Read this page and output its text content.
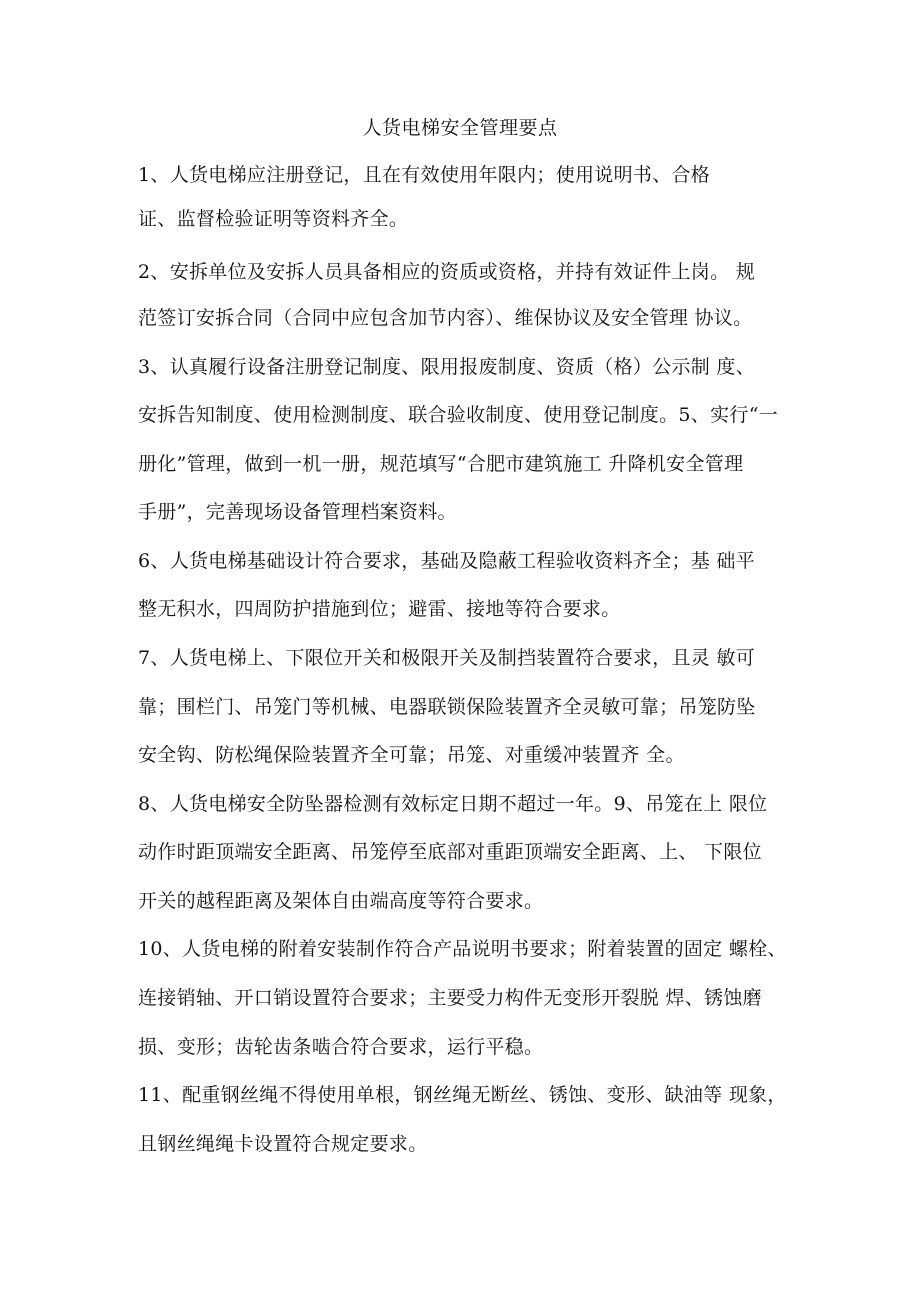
人货电梯安全管理要点
1、人货电梯应注册登记，且在有效使用年限内；使用说明书、合格
证、监督检验证明等资料齐全。
2、安拆单位及安拆人员具备相应的资质或资格，并持有效证件上岗。 规
范签订安拆合同（合同中应包含加节内容）、维保协议及安全管理 协议。
3、认真履行设备注册登记制度、限用报废制度、资质（格）公示制 度、
安拆告知制度、使用检测制度、联合验收制度、使用登记制度。5、实行“一
册化”管理，做到一机一册，规范填写“合肥市建筑施工 升降机安全管理
手册”，完善现场设备管理档案资料。
6、人货电梯基础设计符合要求，基础及隐蔽工程验收资料齐全；基 础平
整无积水，四周防护措施到位；避雷、接地等符合要求。
7、人货电梯上、下限位开关和极限开关及制挡装置符合要求，且灵 敏可
靠；围栏门、吊笼门等机械、电器联锁保险装置齐全灵敏可靠；吊笼防坠
安全钩、防松绳保险装置齐全可靠；吊笼、对重缓冲装置齐 全。
8、人货电梯安全防坠器检测有效标定日期不超过一年。9、吊笼在上 限位
动作时距顶端安全距离、吊笼停至底部对重距顶端安全距离、上、 下限位
开关的越程距离及架体自由端高度等符合要求。
10、人货电梯的附着安装制作符合产品说明书要求；附着装置的固定 螺栓、
连接销轴、开口销设置符合要求；主要受力构件无变形开裂脱 焊、锈蚀磨
损、变形；齿轮齿条啮合符合要求，运行平稳。
11、配重钢丝绳不得使用单根，钢丝绳无断丝、锈蚀、变形、缺油等 现象，
且钢丝绳绳卡设置符合规定要求。
